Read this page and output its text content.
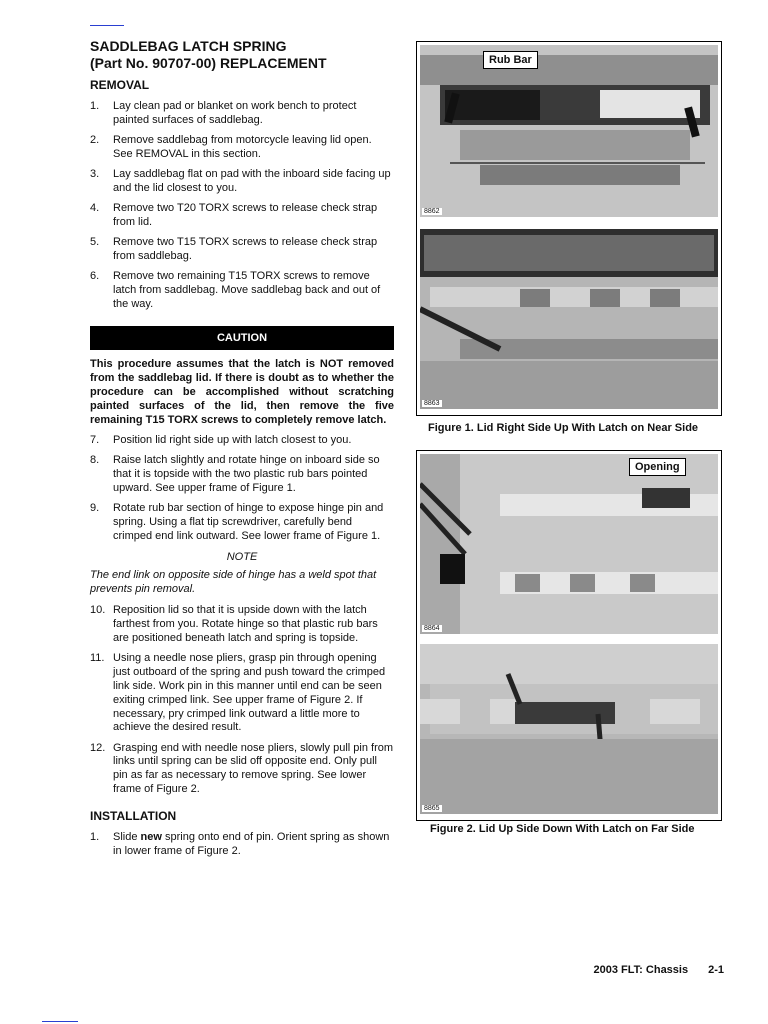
SADDLEBAG LATCH SPRING
(Part No. 90707-00) REPLACEMENT
REMOVAL
1. Lay clean pad or blanket on work bench to protect painted surfaces of saddlebag.
2. Remove saddlebag from motorcycle leaving lid open. See REMOVAL in this section.
3. Lay saddlebag flat on pad with the inboard side facing up and the lid closest to you.
4. Remove two T20 TORX screws to release check strap from lid.
5. Remove two T15 TORX screws to release check strap from saddlebag.
6. Remove two remaining T15 TORX screws to remove latch from saddlebag. Move saddlebag back and out of the way.
CAUTION

This procedure assumes that the latch is NOT removed from the saddlebag lid. If there is doubt as to whether the procedure can be accomplished without scratching painted surfaces of the lid, then remove the five remaining T15 TORX screws to completely remove latch.

7. Position lid right side up with latch closest to you.
8. Raise latch slightly and rotate hinge on inboard side so that it is topside with the two plastic rub bars pointed upward. See upper frame of Figure 1.
9. Rotate rub bar section of hinge to expose hinge pin and spring. Using a flat tip screwdriver, carefully bend crimped end link outward. See lower frame of Figure 1.
NOTE

The end link on opposite side of hinge has a weld spot that prevents pin removal.

10. Reposition lid so that it is upside down with the latch farthest from you. Rotate hinge so that plastic rub bars are positioned beneath latch and spring is topside.
11. Using a needle nose pliers, grasp pin through opening just outboard of the spring and push toward the crimped link side. Work pin in this manner until end can be seen exiting crimped link. See upper frame of Figure 2. If necessary, pry crimped link outward a little more to achieve the desired result.
12. Grasping end with needle nose pliers, slowly pull pin from links until spring can be slid off opposite end. Only pull pin as far as necessary to remove spring. See lower frame of Figure 2.
INSTALLATION
1. Slide new spring onto end of pin. Orient spring as shown in lower frame of Figure 2.
8862
Rub Bar
8863
Figure 1. Lid Right Side Up With Latch on Near Side
8864
Opening
8865
Figure 2. Lid Up Side Down With Latch on Far Side
2003 FLT: Chassis 2-1
